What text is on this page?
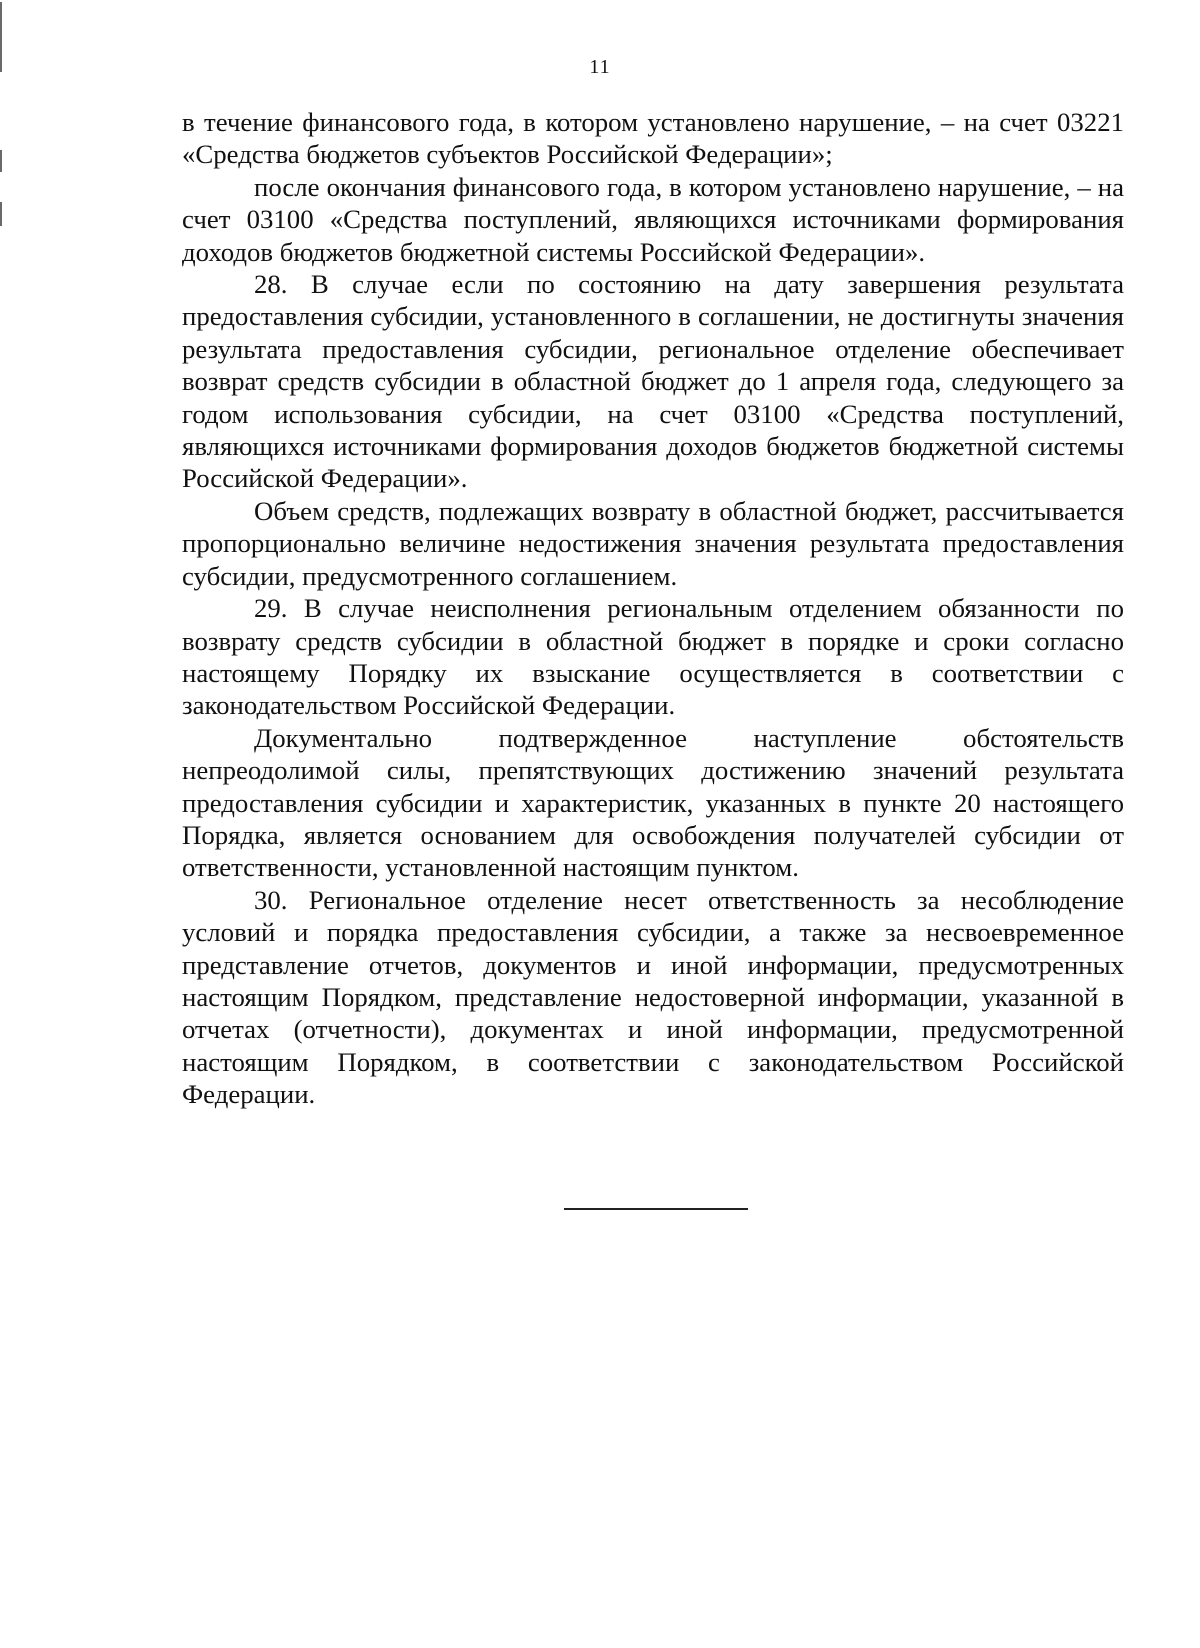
11

в течение финансового года, в котором установлено нарушение, – на счет 03221 «Средства бюджетов субъектов Российской Федерации»;

после окончания финансового года, в котором установлено нарушение, – на счет 03100 «Средства поступлений, являющихся источниками формирования доходов бюджетов бюджетной системы Российской Федерации».

28. В случае если по состоянию на дату завершения результата предоставления субсидии, установленного в соглашении, не достигнуты значения результата предоставления субсидии, региональное отделение обеспечивает возврат средств субсидии в областной бюджет до 1 апреля года, следующего за годом использования субсидии, на счет 03100 «Средства поступлений, являющихся источниками формирования доходов бюджетов бюджетной системы Российской Федерации».

Объем средств, подлежащих возврату в областной бюджет, рассчитывается пропорционально величине недостижения значения результата предоставления субсидии, предусмотренного соглашением.

29. В случае неисполнения региональным отделением обязанности по возврату средств субсидии в областной бюджет в порядке и сроки согласно настоящему Порядку их взыскание осуществляется в соответствии с законодательством Российской Федерации.

Документально подтвержденное наступление обстоятельств непреодолимой силы, препятствующих достижению значений результата предоставления субсидии и характеристик, указанных в пункте 20 настоящего Порядка, является основанием для освобождения получателей субсидии от ответственности, установленной настоящим пунктом.

30. Региональное отделение несет ответственность за несоблюдение условий и порядка предоставления субсидии, а также за несвоевременное представление отчетов, документов и иной информации, предусмотренных настоящим Порядком, представление недостоверной информации, указанной в отчетах (отчетности), документах и иной информации, предусмотренной настоящим Порядком, в соответствии с законодательством Российской Федерации.
